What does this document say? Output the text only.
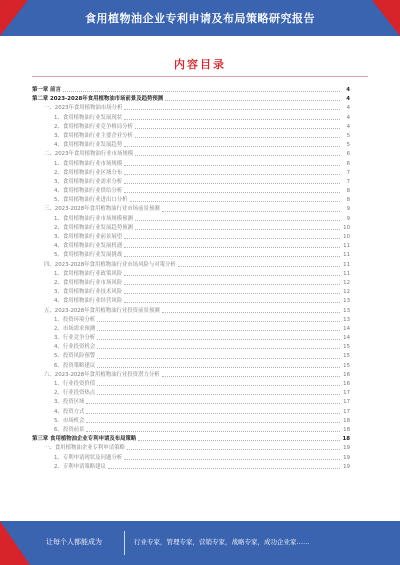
食用植物油企业专利申请及布局策略研究报告
内容目录
第一章 前言	4
第二章 2023-2028年食用植物油市场前景及趋势预测	4
一、2023年食用植物油市场分析	4
1、食用植物油行业发展现状	4
2、食用植物油行业竞争格局分析	4
3、食用植物油行业主要企业分析	5
4、食用植物油行业发展趋势	5
二、2023年食用植物油行业市场规模	6
1、食用植物油行业市场规模	6
2、食用植物油行业区域分布	7
3、食用植物油行业需求分析	7
4、食用植物油行业供给分析	8
5、食用植物油行业进出口分析	8
三、2023-2028年食用植物油行业市场前景预测	9
1、食用植物油行业市场规模预测	9
2、食用植物油行业发展趋势预测	10
3、食用植物油行业前景展望	10
4、食用植物油行业发展机遇	11
5、食用植物油行业发展挑战	11
四、2023-2028年食用植物油行业市场风险与对策分析	11
1、食用植物油行业政策风险	11
2、食用植物油行业市场风险	12
3、食用植物油行业技术风险	12
4、食用植物油行业经营风险	13
五、2023-2028年食用植物油行业投资前景预测	13
1、投资环境分析	13
2、市场需求预测	14
3、行业竞争分析	14
4、行业投资机会	15
5、投资风险预警	15
6、投资策略建议	15
六、2023-2028年食用植物油行业投资潜力分析	16
1、行业投资价值	16
2、行业投资热点	17
3、投资区域	17
4、投资方式	17
5、市场机会	18
6、投资前景	18
第三章 食用植物油企业专利申请及布局策略	18
一、食用植物油企业专利申请策略	19
1、专利申请现状及问题分析	19
2、专利申请策略建议	19
让每个人都能成为	行业专家，管理专家，营销专家，战略专家，成功企业家……
